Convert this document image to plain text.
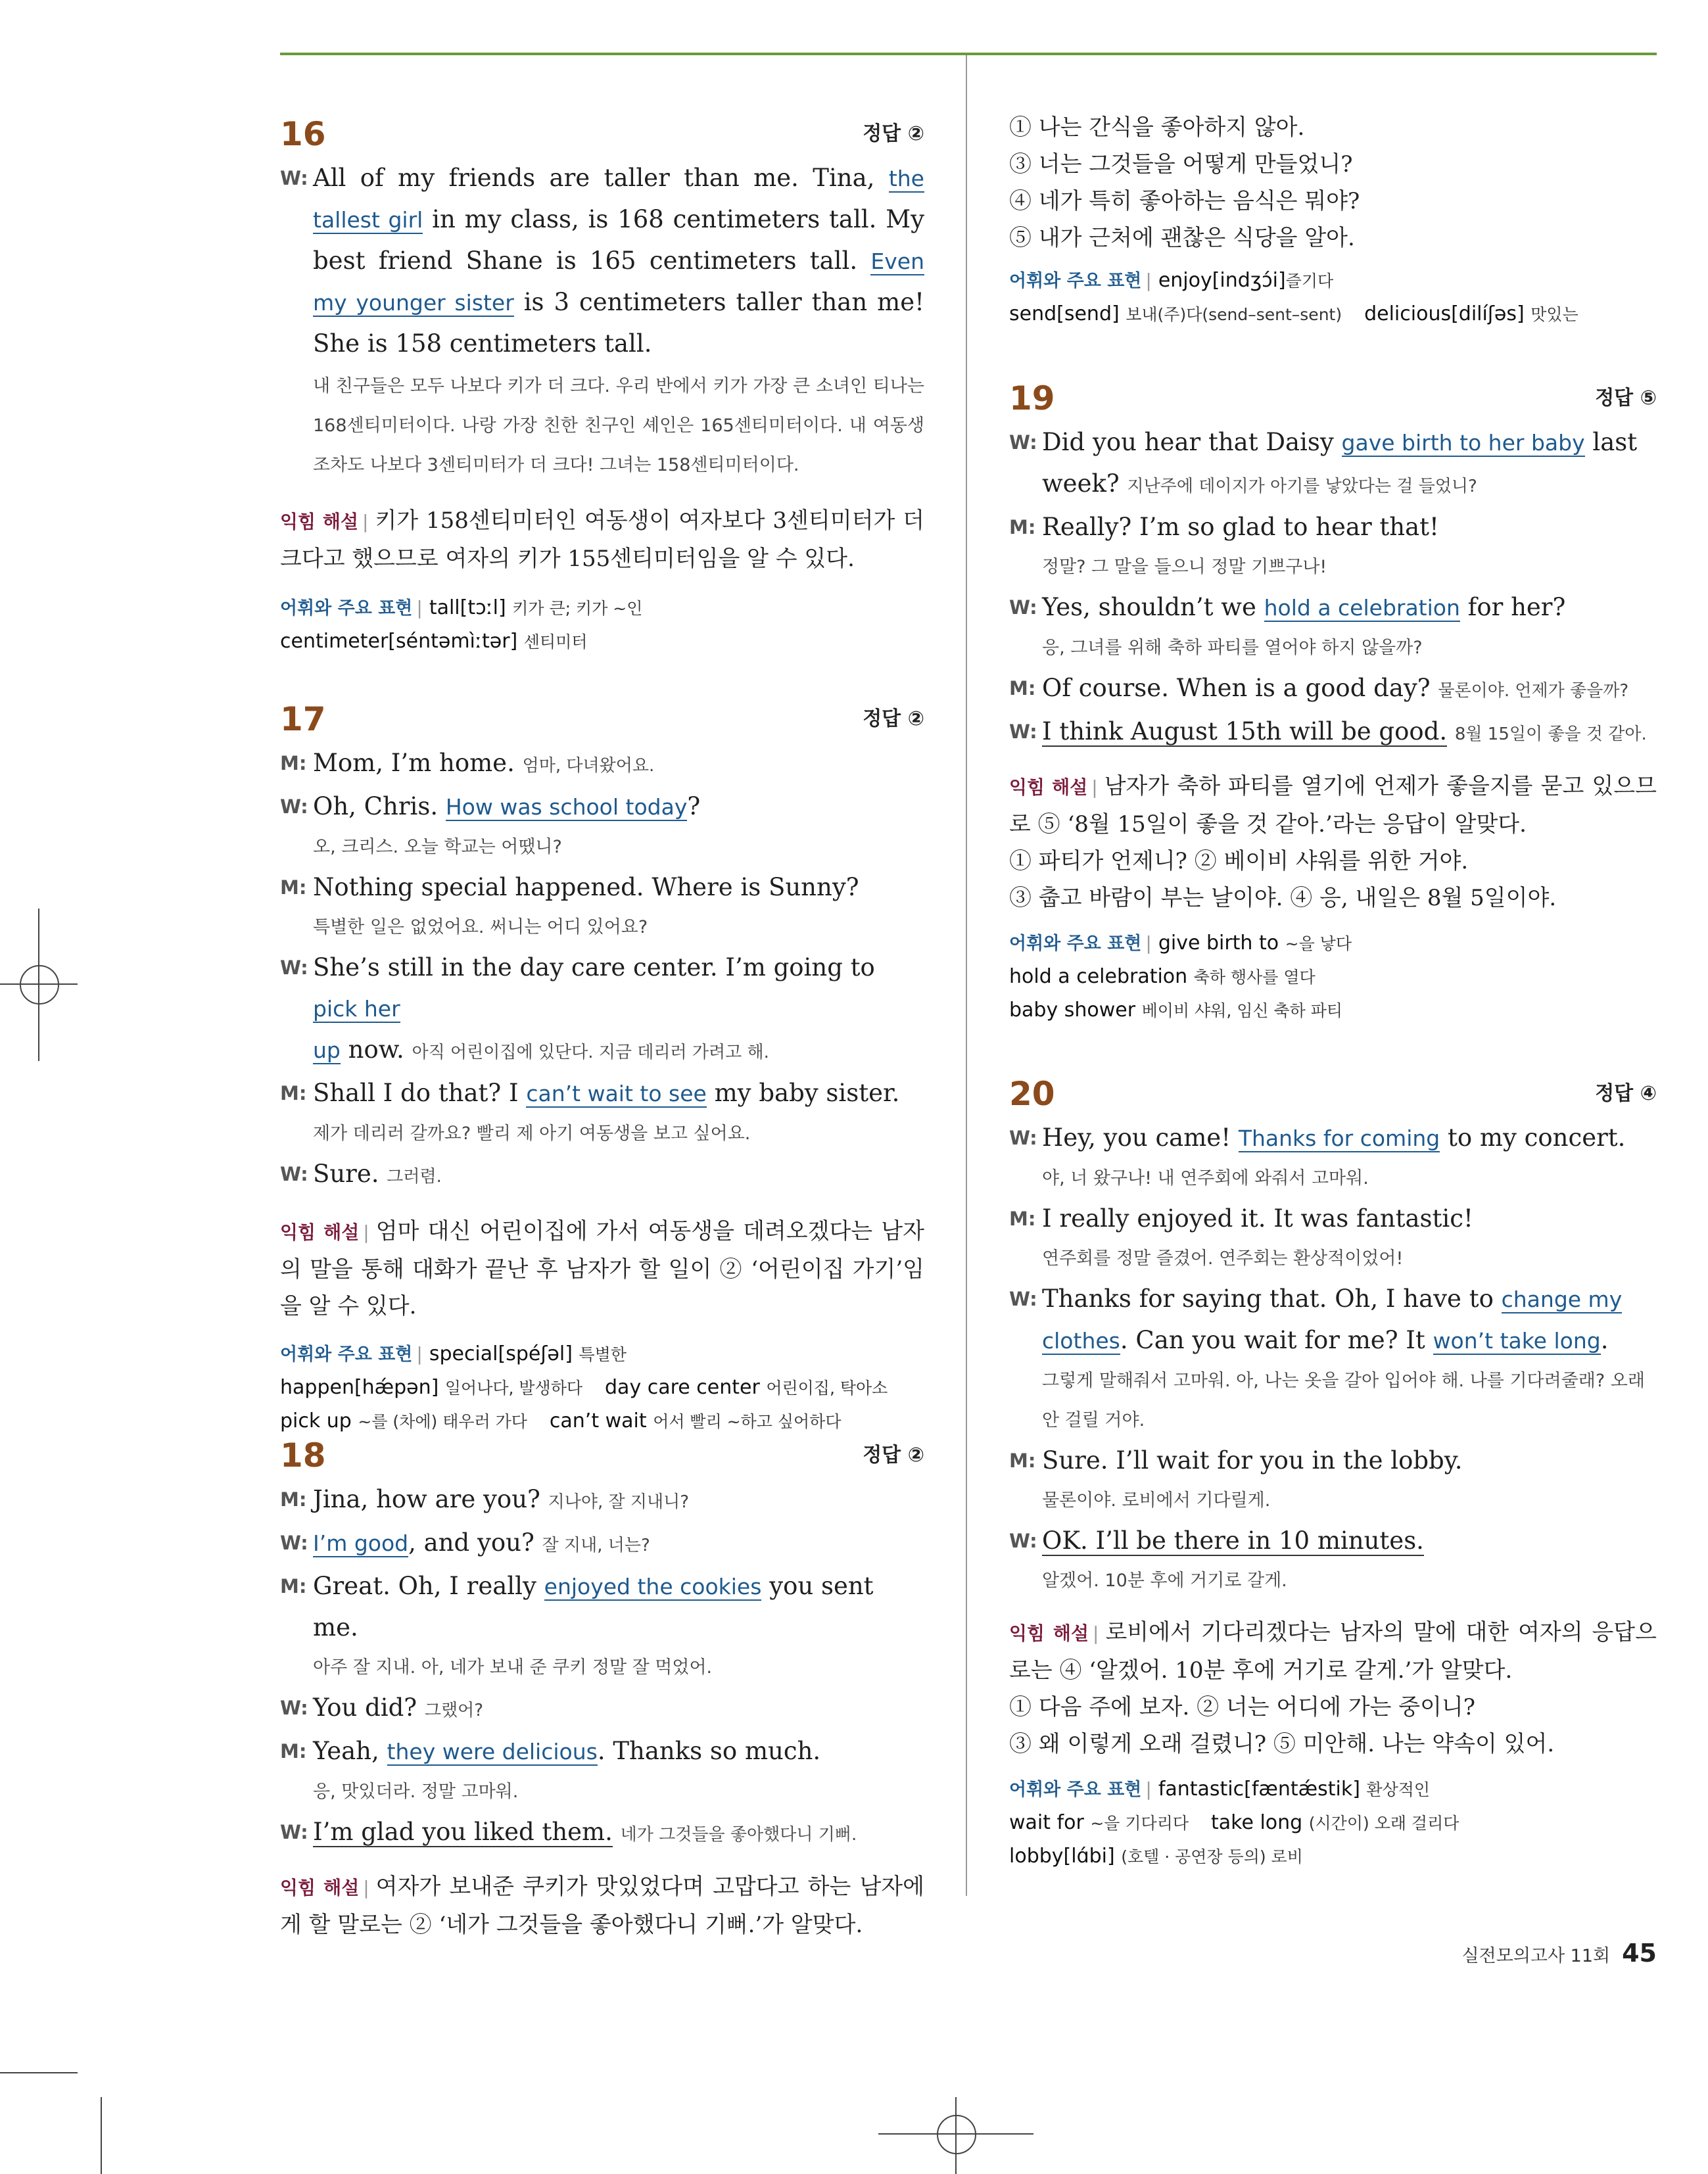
16	정답 ②
W: All of my friends are taller than me. Tina, the tallest girl in my class, is 168 centimeters tall. My best friend Shane is 165 centimeters tall. Even my younger sister is 3 centimeters taller than me! She is 158 centimeters tall.
내 친구들은 모두 나보다 키가 더 크다. 우리 반에서 키가 가장 큰 소녀인 티나는 168센티미터이다. 나랑 가장 친한 친구인 셰인은 165센티미터이다. 내 여동생조차도 나보다 3센티미터가 더 크다! 그녀는 158센티미터이다.
익힘 해설 | 키가 158센티미터인 여동생이 여자보다 3센티미터가 더 크다고 했으므로 여자의 키가 155센티미터임을 알 수 있다.
어휘와 주요 표현 | tall[tɔːl] 키가 큰; 키가 ~인
centimeter[séntəmìːtər] 센티미터
17	정답 ②
M: Mom, I’m home. 엄마, 다녀왔어요.
W: Oh, Chris. How was school today?
오, 크리스. 오늘 학교는 어땠니?
M: Nothing special happened. Where is Sunny?
특별한 일은 없었어요. 써니는 어디 있어요?
W: She’s still in the day care center. I’m going to pick her
up now. 아직 어린이집에 있단다. 지금 데리러 가려고 해.
M: Shall I do that? I can’t wait to see my baby sister.
제가 데리러 갈까요? 빨리 제 아기 여동생을 보고 싶어요.
W: Sure. 그러렴.
익힘 해설 | 엄마 대신 어린이집에 가서 여동생을 데려오겠다는 남자의 말을 통해 대화가 끝난 후 남자가 할 일이 ② ‘어린이집 가기’임을 알 수 있다.
어휘와 주요 표현 | special[spéʃəl] 특별한
happen[hǽpən] 일어나다, 발생하다 day care center 어린이집, 탁아소
pick up ~를 (차에) 태우러 가다 can’t wait 어서 빨리 ~하고 싶어하다
18	정답 ②
M: Jina, how are you? 지나야, 잘 지내니?
W: I’m good, and you? 잘 지내, 너는?
M: Great. Oh, I really enjoyed the cookies you sent me.
아주 잘 지내. 아, 네가 보내 준 쿠키 정말 잘 먹었어.
W: You did? 그랬어?
M: Yeah, they were delicious. Thanks so much.
응, 맛있더라. 정말 고마워.
W: I’m glad you liked them. 네가 그것들을 좋아했다니 기뻐.
익힘 해설 | 여자가 보내준 쿠키가 맛있었다며 고맙다고 하는 남자에게 할 말로는 ② ‘네가 그것들을 좋아했다니 기뻐.’가 알맞다.
① 나는 간식을 좋아하지 않아.
③ 너는 그것들을 어떻게 만들었니?
④ 네가 특히 좋아하는 음식은 뭐야?
⑤ 내가 근처에 괜찮은 식당을 알아.
어휘와 주요 표현 | enjoy[indʒɔ́i]즐기다
send[send] 보내(주)다(send–sent–sent) delicious[dilíʃəs] 맛있는
19	정답 ⑤
W: Did you hear that Daisy gave birth to her baby last week? 지난주에 데이지가 아기를 낳았다는 걸 들었니?
M: Really? I’m so glad to hear that!
정말? 그 말을 들으니 정말 기쁘구나!
W: Yes, shouldn’t we hold a celebration for her?
응, 그녀를 위해 축하 파티를 열어야 하지 않을까?
M: Of course. When is a good day? 물론이야. 언제가 좋을까?
W: I think August 15th will be good. 8월 15일이 좋을 것 같아.
익힘 해설 | 남자가 축하 파티를 열기에 언제가 좋을지를 묻고 있으므로 ⑤ ‘8월 15일이 좋을 것 같아.’라는 응답이 알맞다.
① 파티가 언제니? ② 베이비 샤워를 위한 거야.
③ 춥고 바람이 부는 날이야. ④ 응, 내일은 8월 5일이야.
어휘와 주요 표현 | give birth to ~을 낳다
hold a celebration 축하 행사를 열다
baby shower 베이비 샤워, 임신 축하 파티
20	정답 ④
W: Hey, you came! Thanks for coming to my concert.
야, 너 왔구나! 내 연주회에 와줘서 고마워.
M: I really enjoyed it. It was fantastic!
연주회를 정말 즐겼어. 연주회는 환상적이었어!
W: Thanks for saying that. Oh, I have to change my
clothes. Can you wait for me? It won’t take long.
그렇게 말해줘서 고마워. 아, 나는 옷을 갈아 입어야 해. 나를 기다려줄래? 오래 안 걸릴 거야.
M: Sure. I’ll wait for you in the lobby.
물론이야. 로비에서 기다릴게.
W: OK. I’ll be there in 10 minutes.
알겠어. 10분 후에 거기로 갈게.
익힘 해설 | 로비에서 기다리겠다는 남자의 말에 대한 여자의 응답으로는 ④ ‘알겠어. 10분 후에 거기로 갈게.’가 알맞다.
① 다음 주에 보자. ② 너는 어디에 가는 중이니?
③ 왜 이렇게 오래 걸렸니? ⑤ 미안해. 나는 약속이 있어.
어휘와 주요 표현 | fantastic[fæntǽstik] 환상적인
wait for ~을 기다리다 take long (시간이) 오래 걸리다
lobby[lɑ́bi] (호텔 · 공연장 등의) 로비
실전모의고사 11회 45
